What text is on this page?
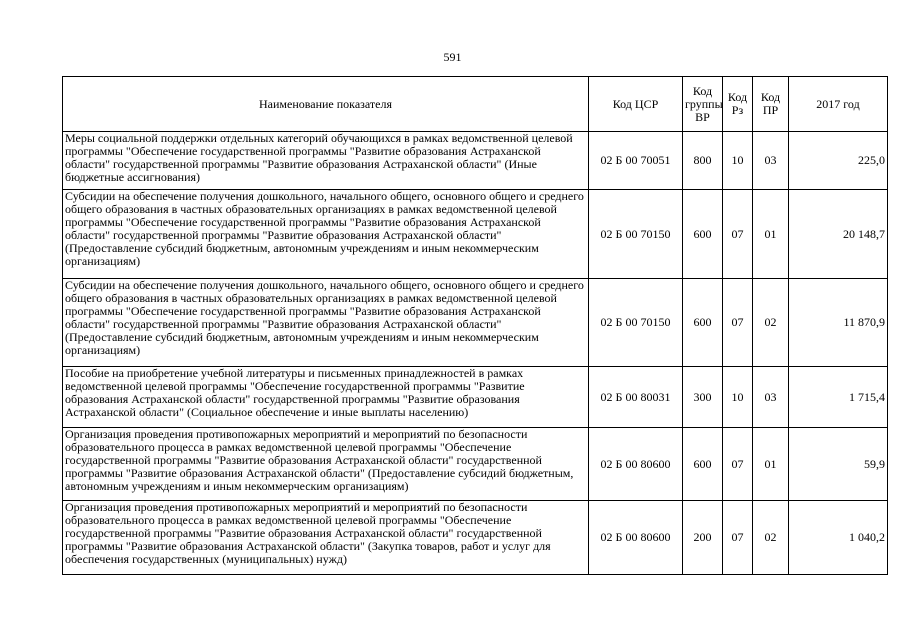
591
Наименование показателя	Код ЦСР	Код группы ВР	Код Рз	Код ПР	2017 год
Меры социальной поддержки отдельных категорий обучающихся в рамках ведомственной целевой программы "Обеспечение государственной программы "Развитие образования Астраханской области" государственной программы "Развитие образования Астраханской области" (Иные бюджетные ассигнования)	02 Б 00 70051	800	10	03	225,0
Субсидии на обеспечение получения дошкольного, начального общего, основного общего и среднего общего образования в частных образовательных организациях в рамках ведомственной целевой программы "Обеспечение государственной программы "Развитие образования Астраханской области" государственной программы "Развитие образования Астраханской области" (Предоставление субсидий бюджетным, автономным учреждениям и иным некоммерческим организациям)	02 Б 00 70150	600	07	01	20 148,7
Субсидии на обеспечение получения дошкольного, начального общего, основного общего и среднего общего образования в частных образовательных организациях в рамках ведомственной целевой программы "Обеспечение государственной программы "Развитие образования Астраханской области" государственной программы "Развитие образования Астраханской области" (Предоставление субсидий бюджетным, автономным учреждениям и иным некоммерческим организациям)	02 Б 00 70150	600	07	02	11 870,9
Пособие на приобретение учебной литературы и письменных принадлежностей в рамках ведомственной целевой программы "Обеспечение государственной программы "Развитие образования Астраханской области" государственной программы "Развитие образования Астраханской области" (Социальное обеспечение и иные выплаты населению)	02 Б 00 80031	300	10	03	1 715,4
Организация проведения противопожарных мероприятий и мероприятий по безопасности образовательного процесса в рамках ведомственной целевой программы "Обеспечение государственной программы "Развитие образования Астраханской области" государственной программы "Развитие образования Астраханской области" (Предоставление субсидий бюджетным, автономным учреждениям и иным некоммерческим организациям)	02 Б 00 80600	600	07	01	59,9
Организация проведения противопожарных мероприятий и мероприятий по безопасности образовательного процесса в рамках ведомственной целевой программы "Обеспечение государственной программы "Развитие образования Астраханской области" государственной программы "Развитие образования Астраханской области" (Закупка товаров, работ и услуг для обеспечения государственных (муниципальных) нужд)	02 Б 00 80600	200	07	02	1 040,2
